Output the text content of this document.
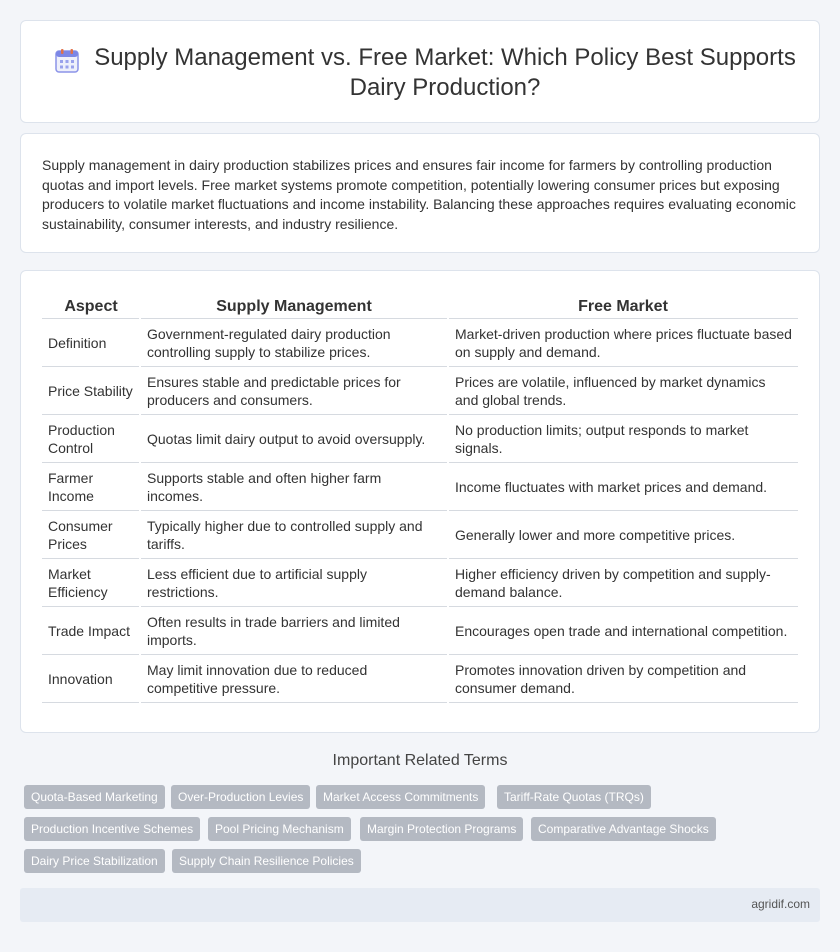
Supply Management vs. Free Market: Which Policy Best Supports Dairy Production?

Supply management in dairy production stabilizes prices and ensures fair income for farmers by controlling production quotas and import levels. Free market systems promote competition, potentially lowering consumer prices but exposing producers to volatile market fluctuations and income instability. Balancing these approaches requires evaluating economic sustainability, consumer interests, and industry resilience.

Aspect	Supply Management	Free Market
Definition	Government-regulated dairy production controlling supply to stabilize prices.	Market-driven production where prices fluctuate based on supply and demand.
Price Stability	Ensures stable and predictable prices for producers and consumers.	Prices are volatile, influenced by market dynamics and global trends.
Production Control	Quotas limit dairy output to avoid oversupply.	No production limits; output responds to market signals.
Farmer Income	Supports stable and often higher farm incomes.	Income fluctuates with market prices and demand.
Consumer Prices	Typically higher due to controlled supply and tariffs.	Generally lower and more competitive prices.
Market Efficiency	Less efficient due to artificial supply restrictions.	Higher efficiency driven by competition and supply-demand balance.
Trade Impact	Often results in trade barriers and limited imports.	Encourages open trade and international competition.
Innovation	May limit innovation due to reduced competitive pressure.	Promotes innovation driven by competition and consumer demand.
Important Related Terms
Quota-Based Marketing	Over-Production Levies	Market Access Commitments	Tariff-Rate Quotas (TRQs)
Production Incentive Schemes	Pool Pricing Mechanism	Margin Protection Programs	Comparative Advantage Shocks
Dairy Price Stabilization	Supply Chain Resilience Policies
agridif.com
